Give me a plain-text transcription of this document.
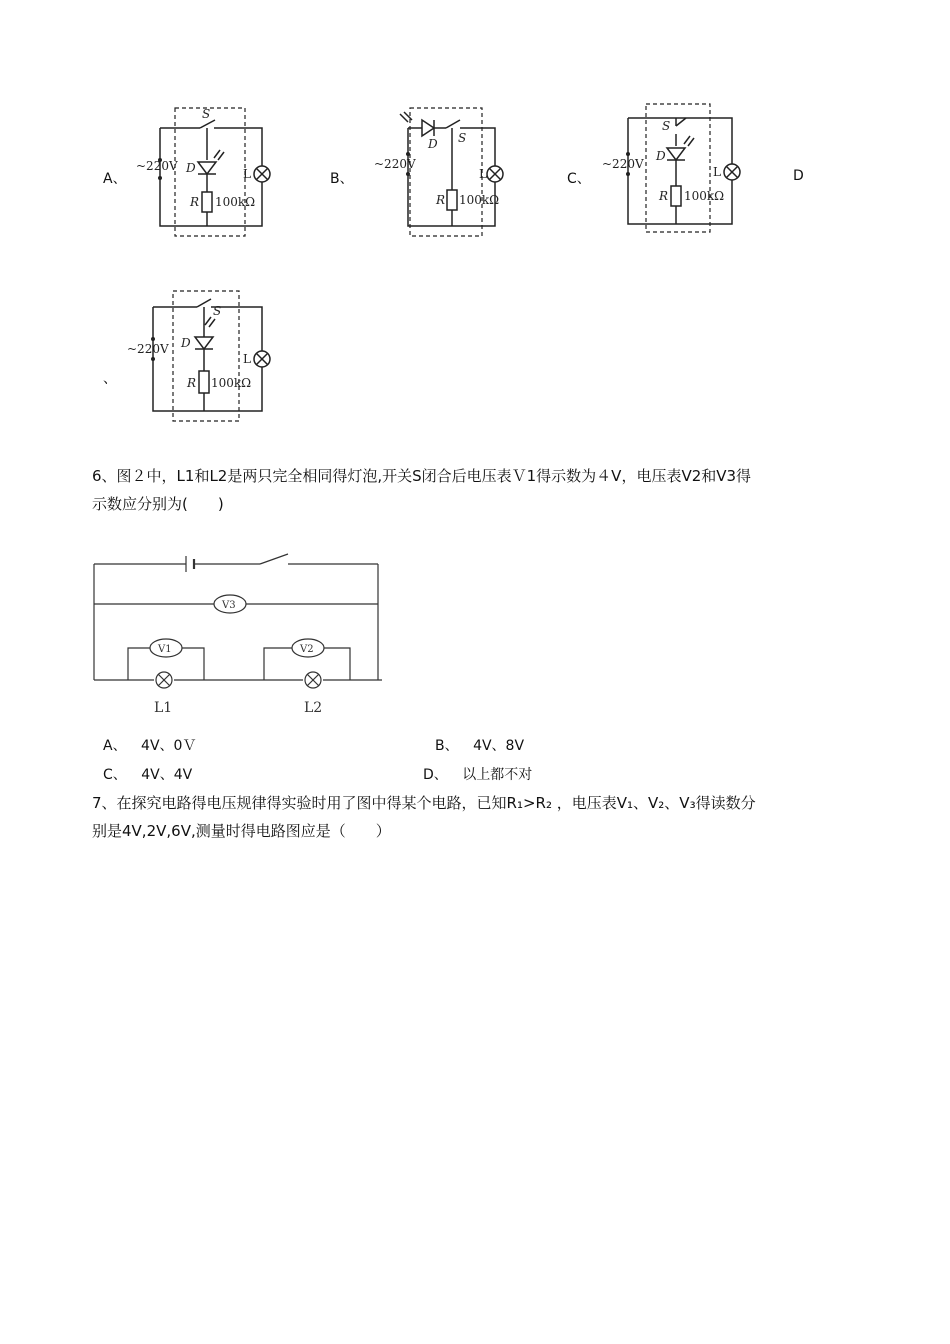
A、	B、	C、	D
、
~220V D
S
R 100kΩ
L
~220V
D S
R 100kΩ
L
~220V
D
S
R 100kΩ
L
~220V D
S
R 100kΩ
L
6、图２中，L1和L2是两只完全相同得灯泡,开关S闭合后电压表Ｖ1得示数为４V，电压表V2和V3得
示数应分别为(　　)
V3
V1	V2
L1	L2
A、 4V、0Ｖ	B、 4V、8V
C、 4V、4V	D、 以上都不对
7、在探究电路得电压规律得实验时用了图中得某个电路，已知R₁>R₂ ，电压表V₁、V₂、V₃得读数分
别是4V,2V,6V,测量时得电路图应是（　　）
